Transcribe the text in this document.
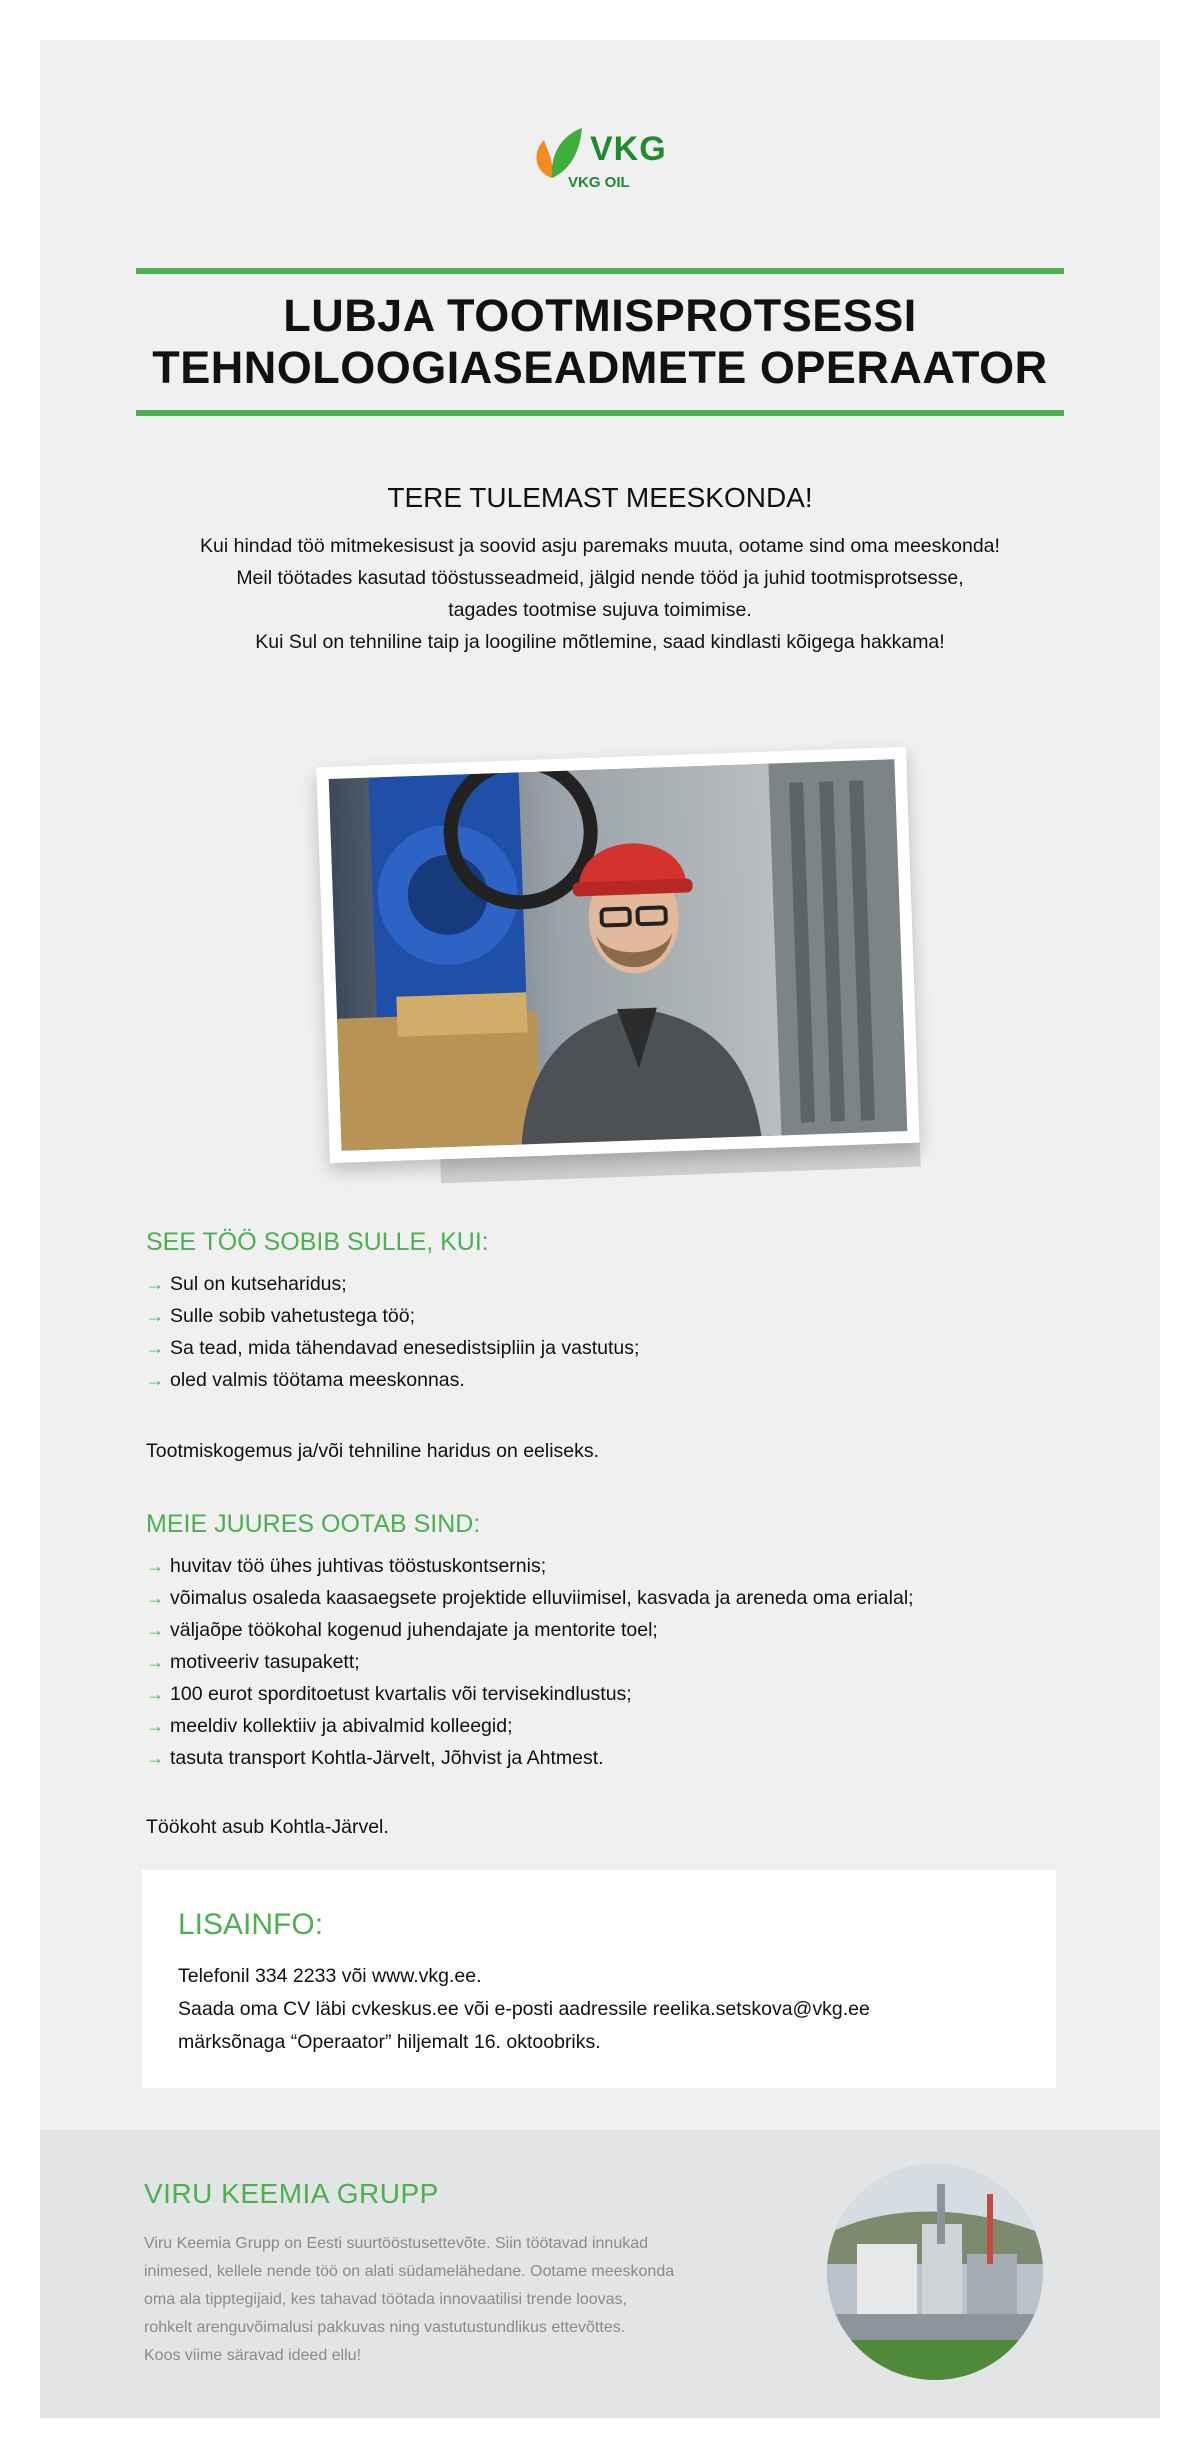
VKG
VKG OIL
LUBJA TOOTMISPROTSESSI
TEHNOLOOGIASEADMETE OPERAATOR
TERE TULEMAST MEESKONDA!
Kui hindad töö mitmekesisust ja soovid asju paremaks muuta, ootame sind oma meeskonda!
Meil töötades kasutad tööstusseadmeid, jälgid nende tööd ja juhid tootmisprotsesse,
tagades tootmise sujuva toimimise.
Kui Sul on tehniline taip ja loogiline mõtlemine, saad kindlasti kõigega hakkama!
SEE TÖÖ SOBIB SULLE, KUI:
→ Sul on kutseharidus;
→ Sulle sobib vahetustega töö;
→ Sa tead, mida tähendavad enesedistsipliin ja vastutus;
→ oled valmis töötama meeskonnas.
Tootmiskogemus ja/või tehniline haridus on eeliseks.
MEIE JUURES OOTAB SIND:
→ huvitav töö ühes juhtivas tööstuskontsernis;
→ võimalus osaleda kaasaegsete projektide elluviimisel, kasvada ja areneda oma erialal;
→ väljaõpe töökohal kogenud juhendajate ja mentorite toel;
→ motiveeriv tasupakett;
→ 100 eurot sporditoetust kvartalis või tervisekindlustus;
→ meeldiv kollektiiv ja abivalmid kolleegid;
→ tasuta transport Kohtla-Järvelt, Jõhvist ja Ahtmest.
Töökoht asub Kohtla-Järvel.
LISAINFO:
Telefonil 334 2233 või www.vkg.ee.
Saada oma CV läbi cvkeskus.ee või e-posti aadressile reelika.setskova@vkg.ee
märksõnaga “Operaator” hiljemalt 16. oktoobriks.
VIRU KEEMIA GRUPP
Viru Keemia Grupp on Eesti suurtööstusettevõte. Siin töötavad innukad
inimesed, kellele nende töö on alati südamelähedane. Ootame meeskonda
oma ala tipptegijaid, kes tahavad töötada innovaatilisi trende loovas,
rohkelt arenguvõimalusi pakkuvas ning vastutustundlikus ettevõttes.
Koos viime säravad ideed ellu!
